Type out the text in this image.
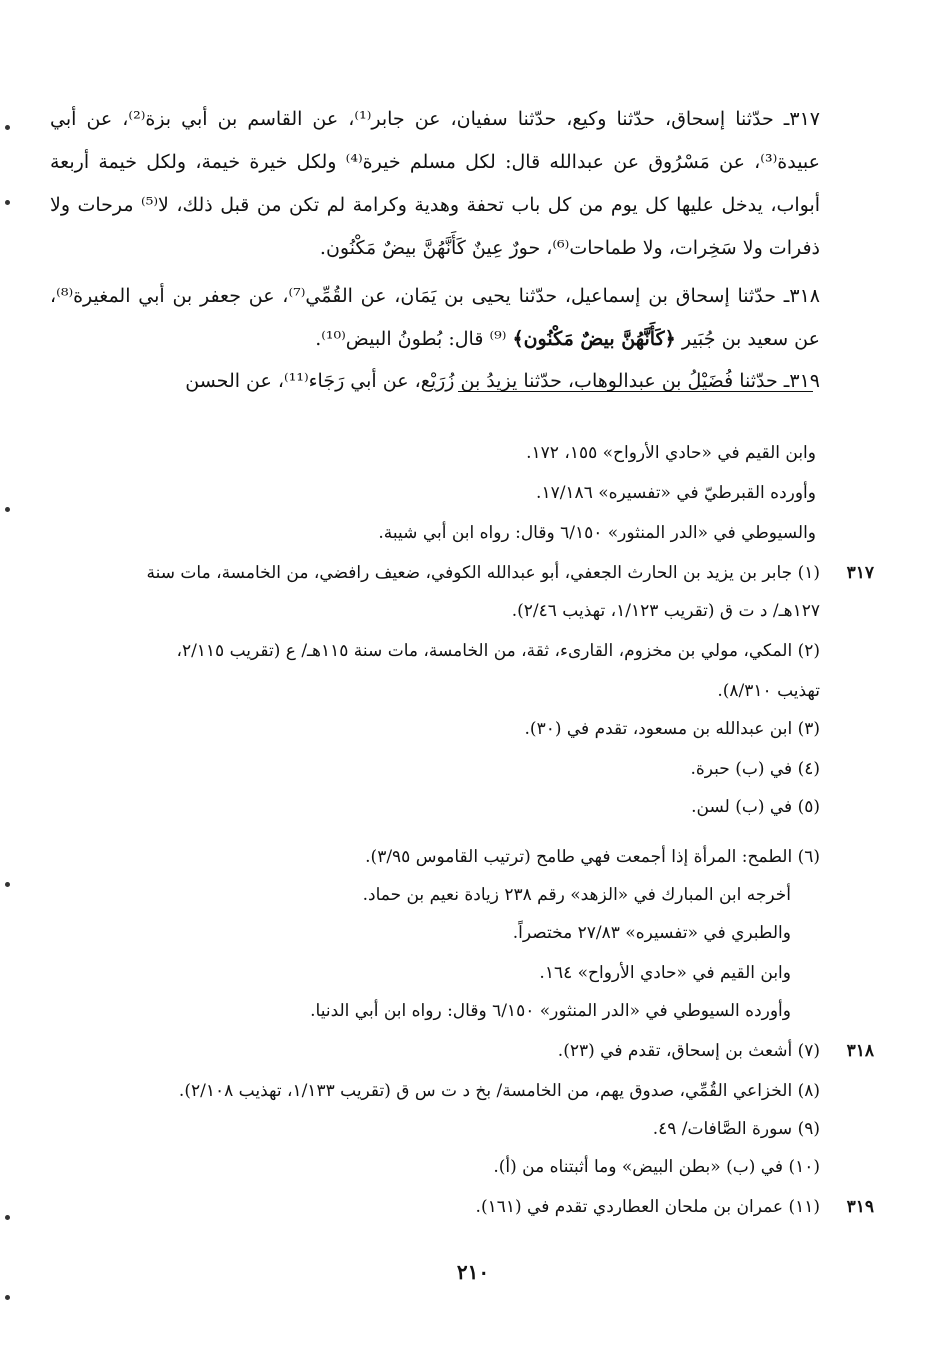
٣١٧ـ حدّثنا إسحاق، حدّثنا وكيع، حدّثنا سفيان، عن جابر⁽¹⁾، عن القاسم بن أبي بزة⁽²⁾، عن أبي عبيدة⁽³⁾، عن مَسْرُوق عن عبدالله قال: لكل مسلم خيرة⁽⁴⁾ ولكل خيرة خيمة، ولكل خيمة أربعة أبواب، يدخل عليها كل يوم من كل باب تحفة وهدية وكرامة لم تكن من قبل ذلك، لا⁽⁵⁾ مرحات ولا ذفرات ولا سَخِرات، ولا طماحات⁽⁶⁾، حورٌ عِينٌ كَأَنَّهُنَّ بيضٌ مَكْنُون.
٣١٨ـ حدّثنا إسحاق بن إسماعيل، حدّثنا يحيى بن يَمَان، عن القُمِّي⁽⁷⁾، عن جعفر بن أبي المغيرة⁽⁸⁾، عن سعيد بن جُبَير ﴿كَأَنَّهُنَّ بيضٌ مَكْنُون﴾ ⁽⁹⁾ قال: بُطونُ البيض⁽¹⁰⁾.
٣١٩ـ حدّثنا فُضَيْلُ بن عبدالوهاب، حدّثنا يزيدُ بن زُرَيْع، عن أبي رَجَاء⁽¹¹⁾، عن الحسن
وابن القيم في «حادي الأرواح» ١٥٥، ١٧٢.
وأورده القبرطيّ في «تفسيره» ١٧/١٨٦.
والسيوطي في «الدر المنثور» ٦/١٥٠ وقال: رواه ابن أبي شيبة.
٣١٧
(١) جابر بن يزيد بن الحارث الجعفي، أبو عبدالله الكوفي، ضعيف رافضي، من الخامسة، مات سنة
١٢٧هـ/ د ت ق (تقريب ١/١٢٣، تهذيب ٢/٤٦).
(٢) المكي، مولي بن مخزوم، القارىء، ثقة، من الخامسة، مات سنة ١١٥هـ/ ع (تقريب ٢/١١٥،
تهذيب ٨/٣١٠).
(٣) ابن عبدالله بن مسعود، تقدم في (٣٠).
(٤) في (ب) حبرة.
(٥) في (ب) لسن.
(٦) الطمح: المرأة إذا أجمعت فهي طامح (ترتيب القاموس ٣/٩٥).
أخرجه ابن المبارك في «الزهد» رقم ٢٣٨ زيادة نعيم بن حماد.
والطبري في «تفسيره» ٢٧/٨٣ مختصراً.
وابن القيم في «حادي الأرواح» ١٦٤.
وأورده السيوطي في «الدر المنثور» ٦/١٥٠ وقال: رواه ابن أبي الدنيا.
٣١٨
(٧) أشعث بن إسحاق، تقدم في (٢٣).
(٨) الخزاعي القُمِّي، صدوق يهم، من الخامسة/ بخ د ت س ق (تقريب ١/١٣٣، تهذيب ٢/١٠٨).
(٩) سورة الصَّافات/ ٤٩.
(١٠) في (ب) «بطن البيض» وما أثبتناه من (أ).
٣١٩
(١١) عمران بن ملحان العطاردي تقدم في (١٦١).
٢١٠
